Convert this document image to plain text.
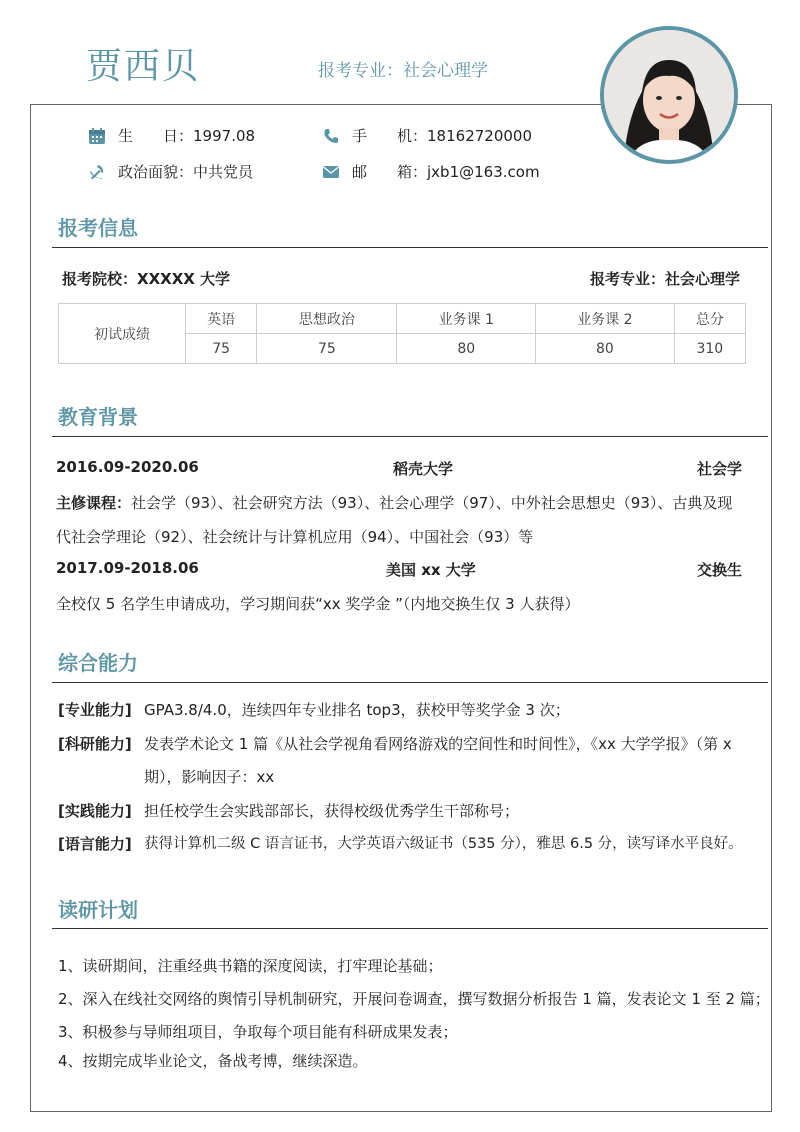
贾西贝	报考专业：社会心理学
生　　日： 1997.08	手　　机： 18162720000
政治面貌： 中共党员	邮　　箱： jxb1@163.com
报考信息
报考院校：XXXXX 大学	报考专业：社会心理学
初试成绩	英语	思想政治	业务课 1	业务课 2	总分
	75	75	80	80	310
教育背景
2016.09-2020.06	稻壳大学	社会学
主修课程：社会学（93）、社会研究方法（93）、社会心理学（97）、中外社会思想史（93）、古典及现
代社会学理论（92）、社会统计与计算机应用（94）、中国社会（93）等
2017.09-2018.06	美国 xx 大学	交换生
全校仅 5 名学生申请成功，学习期间获“xx 奖学金 ”（内地交换生仅 3 人获得）
综合能力
[专业能力] GPA3.8/4.0，连续四年专业排名 top3，获校甲等奖学金 3 次；
[科研能力] 发表学术论文 1 篇《从社会学视角看网络游戏的空间性和时间性》，《xx 大学学报》（第 x 期），影响因子：xx
[实践能力] 担任校学生会实践部部长，获得校级优秀学生干部称号；
[语言能力] 获得计算机二级 C 语言证书，大学英语六级证书（535 分），雅思 6.5 分，读写译水平良好。
读研计划
1、读研期间，注重经典书籍的深度阅读，打牢理论基础；
2、深入在线社交网络的舆情引导机制研究，开展问卷调查，撰写数据分析报告 1 篇，发表论文 1 至 2 篇；
3、积极参与导师组项目，争取每个项目能有科研成果发表；
4、按期完成毕业论文，备战考博，继续深造。
